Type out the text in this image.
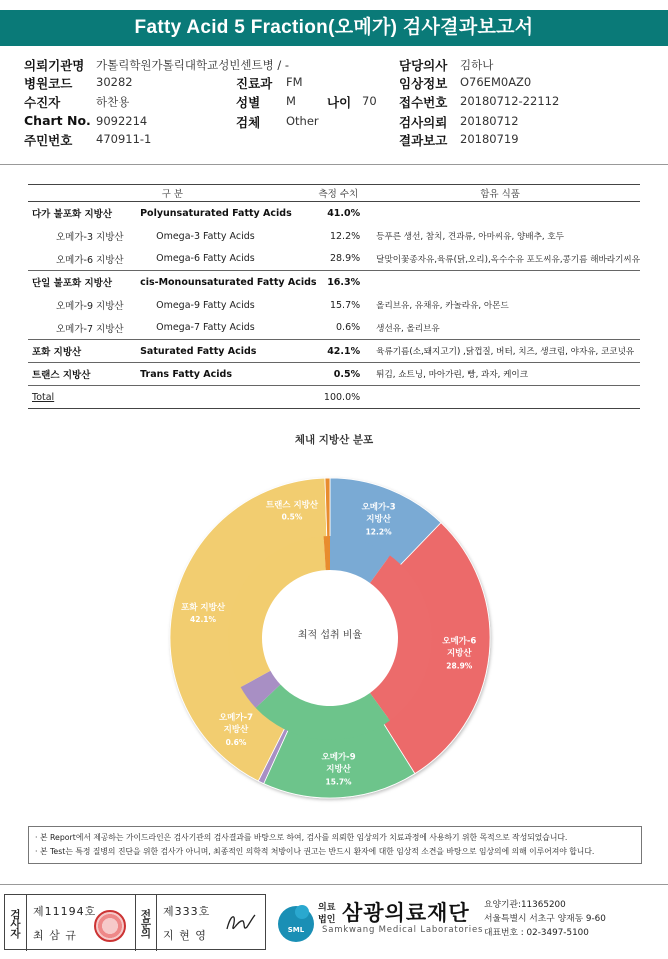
Fatty Acid 5 Fraction(오메가) 검사결과보고서
의뢰기관명 가톨릭학원가톨릭대학교성빈센트병 / -
병원코드 30282
수진자	하찬용
Chart No. 9092214
주민번호 470911-1
진료과 FM
성별 M
검체 Other
나이 70
담당의사 김하나
임상정보 O76EM0AZ0
접수번호 20180712-22112
검사의뢰 20180712
결과보고 20180719
구 분		측정 수치	함유 식품
다가 불포화 지방산	Polyunsaturated Fatty Acids	41.0%	
오메가-3 지방산	Omega-3 Fatty Acids	12.2%	등푸른 생선, 참치, 견과류, 아마씨유, 양배추, 호두
오메가-6 지방산	Omega-6 Fatty Acids	28.9%	달맞이꽃종자유,육류(닭,오리),옥수수유 포도씨유,콩기름 해바라기씨유
단일 불포화 지방산	cis-Monounsaturated Fatty Acids	16.3%	
오메가-9 지방산	Omega-9 Fatty Acids	15.7%	올리브유, 유채유, 카놀라유, 아몬드
오메가-7 지방산	Omega-7 Fatty Acids	0.6%	생선유, 올리브유
포화 지방산	Saturated Fatty Acids	42.1%	육류기름(소,돼지고기) ,닭껍질, 버터, 치즈, 생크림, 야자유, 코코넛유
트랜스 지방산	Trans Fatty Acids	0.5%	튀김, 쇼트닝, 마아가린, 빵, 과자, 케이크
Total		100.0%	
체내 지방산 분포
오메가-3 지방산
12.2%
오메가-6 지방산
28.9%
오메가-9 지방산
15.7%
오메가-7 지방산
0.6%
포화 지방산
42.1%
트랜스 지방산
0.5%
최적 섭취 비율
· 본 Report에서 제공하는 가이드라인은 검사기관의 검사결과를 바탕으로 하여, 검사를 의뢰한 임상의가 치료과정에 사용하기 위한 목적으로 작성되었습니다.
· 본 Test는 특정 질병의 진단을 위한 검사가 아니며, 최종적인 의학적 처방이나 권고는 반드시 환자에 대한 임상적 소견을 바탕으로 임상의에 의해 이루어져야 합니다.
검사자	제11194호
최 삼 규	전문의	제333호
지 현 영	SML
의료
법인 삼광의료재단
Samkwang Medical Laboratories
요양기관:11365200
서울특별시 서초구 양재동 9-60
대표번호 : 02-3497-5100
